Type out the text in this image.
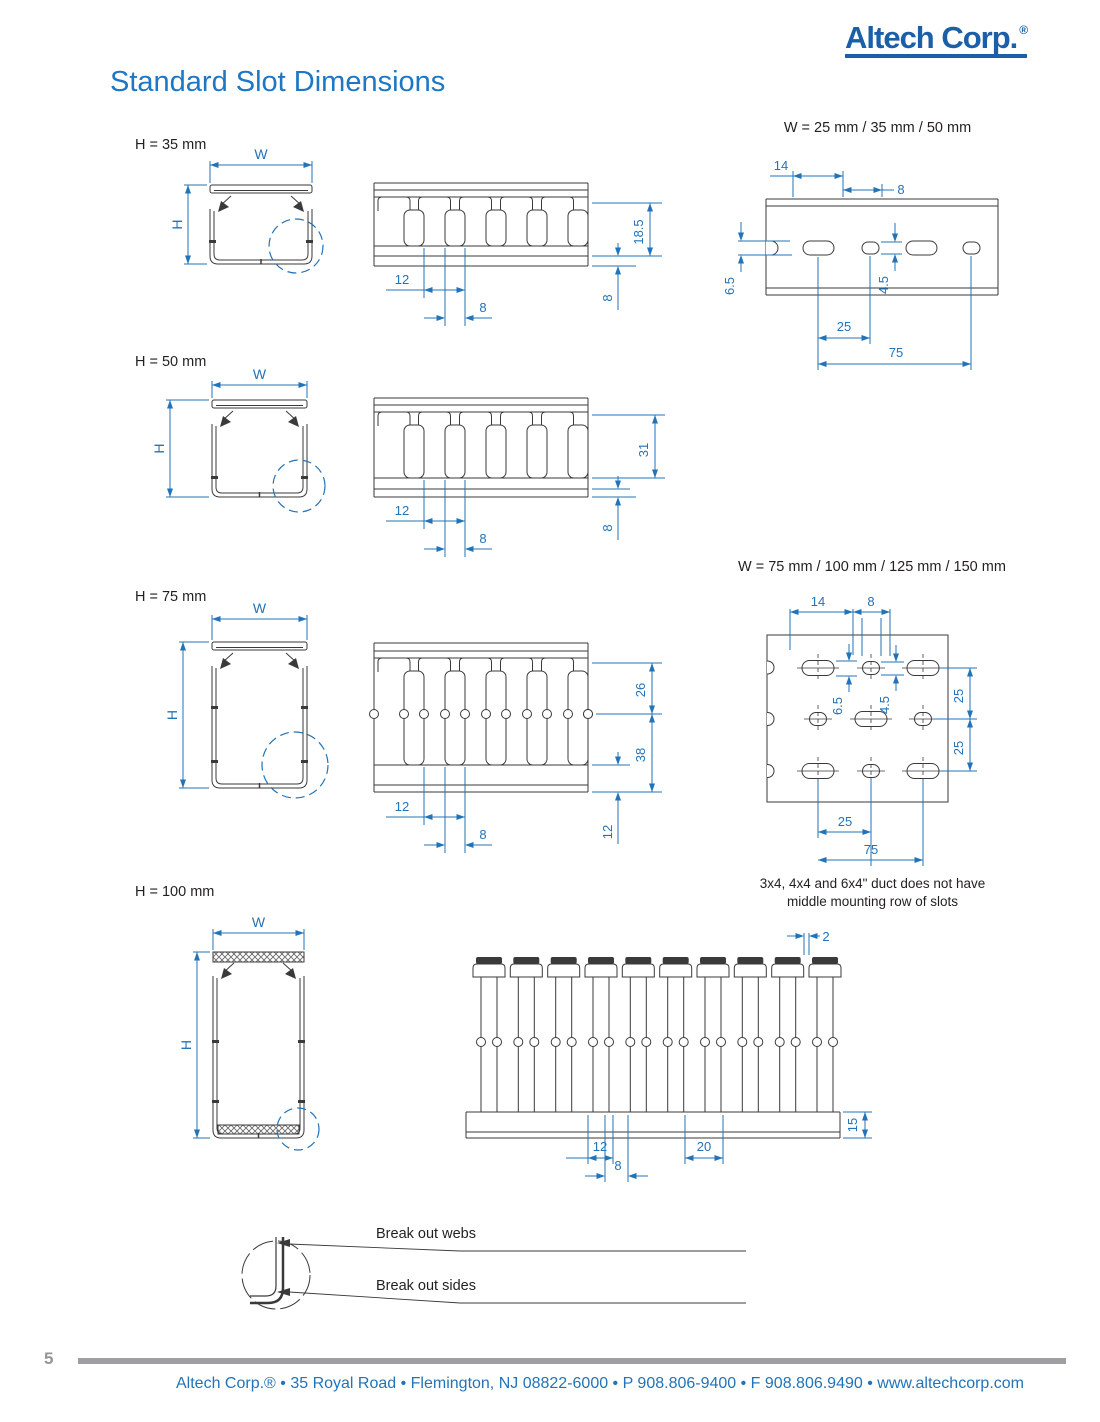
W
H
W
H
W
H
W
H
18.5
8
12
8
31
8
12
8
26
38
12
12
8
14
8
6.5	4.5
25
75
14	8
6.5 4.5	25
25
25
75
2
15
12
8
20
Altech Corp. ®
Standard Slot Dimensions
H = 35 mm
H = 50 mm
H = 75 mm
H = 100 mm
W = 25 mm / 35 mm / 50 mm
W = 75 mm / 100 mm / 125 mm / 150 mm
3x4, 4x4 and 6x4" duct does not have
middle mounting row of slots
Break out webs
Break out sides
5
Altech Corp.® • 35 Royal Road • Flemington, NJ 08822-6000 • P 908.806-9400 • F 908.806.9490 • www.altechcorp.com
